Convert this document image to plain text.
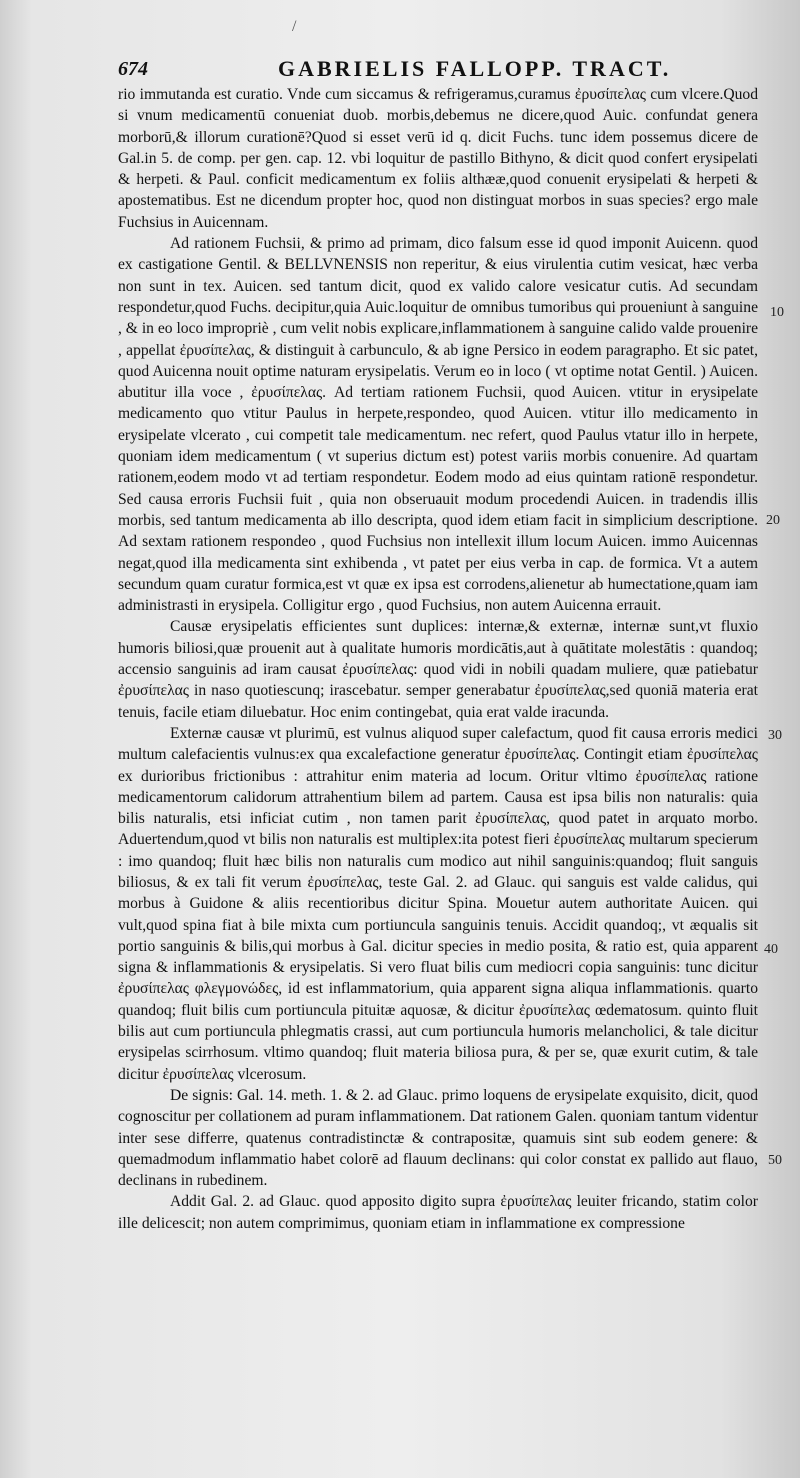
/
674	GABRIELIS FALLOPP. TRACT.

rio immutanda est curatio. Vnde cum siccamus & refrigeramus,curamus ἐρυσίπελας cum vlcere.Quod si vnum medicamentū conueniat duob. morbis,debemus ne dicere,quod Auic. confundat genera morborū,& illorum curationē?Quod si esset verū id q. dicit Fuchs. tunc idem possemus dicere de Gal.in 5. de comp. per gen. cap. 12. vbi loquitur de pastillo Bithyno, & dicit quod confert erysipelati & herpeti. & Paul. conficit medicamentum ex foliis althææ,quod conuenit erysipelati & herpeti & apostematibus. Est ne dicendum propter hoc, quod non distinguat morbos in suas species? ergo male Fuchsius in Auicennam.

Ad rationem Fuchsii, & primo ad primam, dico falsum esse id quod imponit Auicenn. quod ex castigatione Gentil. & BELLVNENSIS non reperitur, & eius virulentia cutim vesicat, hæc verba non sunt in tex. Auicen. sed tantum dicit, quod ex valido calore vesicatur cutis. Ad secundam respondetur,quod Fuchs. decipitur,quia Auic.loquitur de omnibus tumoribus qui proueniunt à sanguine , & in eo loco impropriè , cum velit nobis explicare,inflammationem à sanguine calido valde prouenire , appellat ἐρυσίπελας, & distinguit à carbunculo, & ab igne Persico in eodem paragrapho. Et sic patet, quod Auicenna nouit optime naturam erysipelatis. Verum eo in loco ( vt optime notat Gentil. ) Auicen. abutitur illa voce , ἐρυσίπελας. Ad tertiam rationem Fuchsii, quod Auicen. vtitur in erysipelate medicamento quo vtitur Paulus in herpete,respondeo, quod Auicen. vtitur illo medicamento in erysipelate vlcerato , cui competit tale medicamentum. nec refert, quod Paulus vtatur illo in herpete, quoniam idem medicamentum ( vt superius dictum est) potest variis morbis conuenire. Ad quartam rationem,eodem modo vt ad tertiam respondetur. Eodem modo ad eius quintam rationē respondetur. Sed causa erroris Fuchsii fuit , quia non obseruauit modum procedendi Auicen. in tradendis illis morbis, sed tantum medicamenta ab illo descripta, quod idem etiam facit in simplicium descriptione. Ad sextam rationem respondeo , quod Fuchsius non intellexit illum locum Auicen. immo Auicennas negat,quod illa medicamenta sint exhibenda , vt patet per eius verba in cap. de formica. Vt a autem secundum quam curatur formica,est vt quæ ex ipsa est corrodens,alienetur ab humectatione,quam iam administrasti in erysipela. Colligitur ergo , quod Fuchsius, non autem Auicenna errauit.

Causæ erysipelatis efficientes sunt duplices: internæ,& externæ, internæ sunt,vt fluxio humoris biliosi,quæ prouenit aut à qualitate humoris mordicātis,aut à quātitate molestātis : quandoq; accensio sanguinis ad iram causat ἐρυσίπελας: quod vidi in nobili quadam muliere, quæ patiebatur ἐρυσίπελας in naso quotiescunq; irascebatur. semper generabatur ἐρυσίπελας,sed quoniā materia erat tenuis, facile etiam diluebatur. Hoc enim contingebat, quia erat valde iracunda.

Externæ causæ vt plurimū, est vulnus aliquod super calefactum, quod fit causa erroris medici multum calefacientis vulnus:ex qua excalefactione generatur ἐρυσίπελας. Contingit etiam ἐρυσίπελας ex durioribus frictionibus : attrahitur enim materia ad locum. Oritur vltimo ἐρυσίπελας ratione medicamentorum calidorum attrahentium bilem ad partem. Causa est ipsa bilis non naturalis: quia bilis naturalis, etsi inficiat cutim , non tamen parit ἐρυσίπελας, quod patet in arquato morbo. Aduertendum,quod vt bilis non naturalis est multiplex:ita potest fieri ἐρυσίπελας multarum specierum : imo quandoq; fluit hæc bilis non naturalis cum modico aut nihil sanguinis:quandoq; fluit sanguis biliosus, & ex tali fit verum ἐρυσίπελας, teste Gal. 2. ad Glauc. qui sanguis est valde calidus, qui morbus à Guidone & aliis recentioribus dicitur Spina. Mouetur autem authoritate Auicen. qui vult,quod spina fiat à bile mixta cum portiuncula sanguinis tenuis. Accidit quandoq;, vt æqualis sit portio sanguinis & bilis,qui morbus à Gal. dicitur species in medio posita, & ratio est, quia apparent signa & inflammationis & erysipelatis. Si vero fluat bilis cum mediocri copia sanguinis: tunc dicitur ἐρυσίπελας φλεγμονώδες, id est inflammatorium, quia apparent signa aliqua inflammationis. quarto quandoq; fluit bilis cum portiuncula pituitæ aquosæ, & dicitur ἐρυσίπελας œdematosum. quinto fluit bilis aut cum portiuncula phlegmatis crassi, aut cum portiuncula humoris melancholici, & tale dicitur erysipelas scirrhosum. vltimo quandoq; fluit materia biliosa pura, & per se, quæ exurit cutim, & tale dicitur ἐρυσίπελας vlcerosum.

De signis: Gal. 14. meth. 1. & 2. ad Glauc. primo loquens de erysipelate exquisito, dicit, quod cognoscitur per collationem ad puram inflammationem. Dat rationem Galen. quoniam tantum videntur inter sese differre, quatenus contradistinctæ & contrapositæ, quamuis sint sub eodem genere: & quemadmodum inflammatio habet colorē ad flauum declinans: qui color constat ex pallido aut flauo, declinans in rubedinem.

Addit Gal. 2. ad Glauc. quod apposito digito supra ἐρυσίπελας leuiter fricando, statim color ille delicescit; non autem comprimimus, quoniam etiam in inflammatione ex compressione

10
20
30
40
50
